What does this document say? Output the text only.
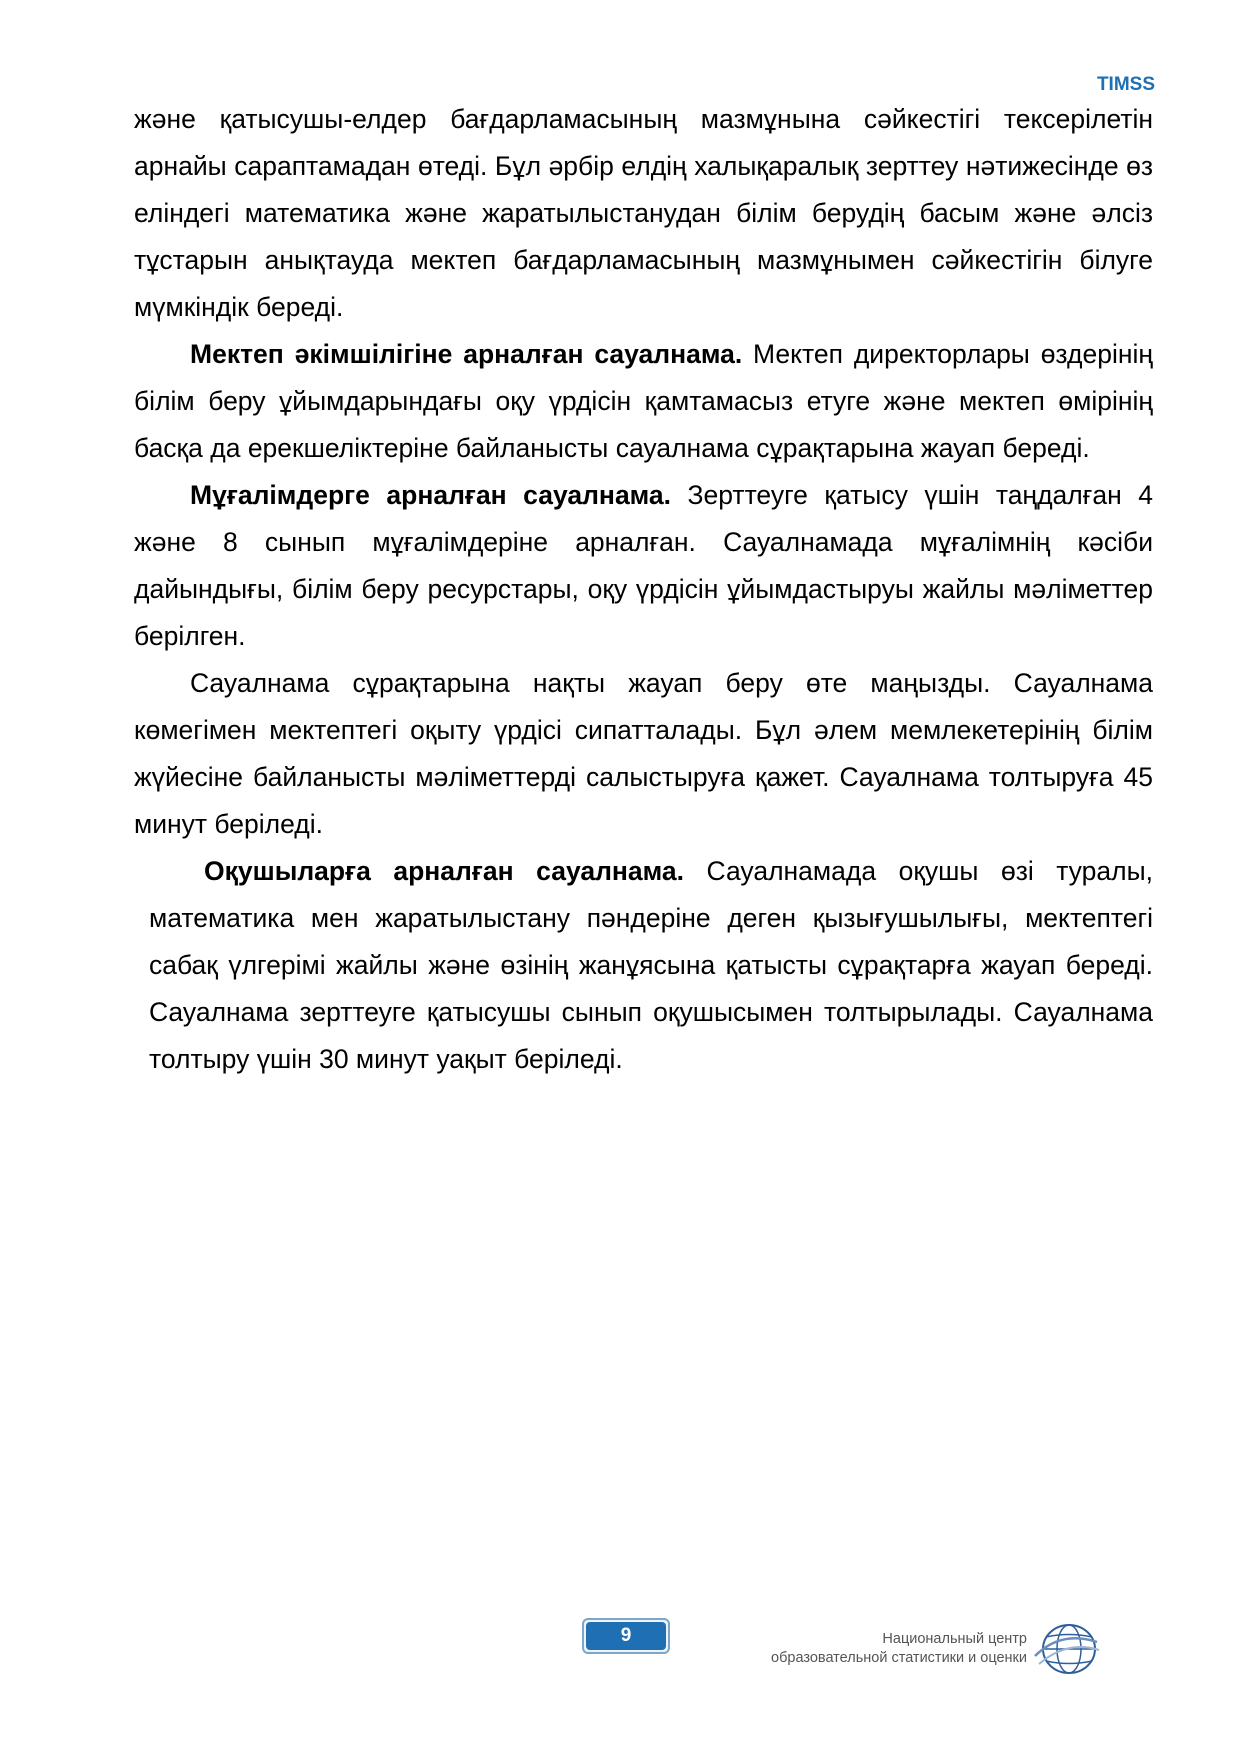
TIMSS

және қатысушы-елдер бағдарламасының мазмұнына сәйкестігі тексерілетін арнайы сараптамадан өтеді. Бұл әрбір елдің халықаралық зерттеу нәтижесінде өз еліндегі математика және жаратылыстанудан білім берудің басым және әлсіз тұстарын анықтауда мектеп бағдарламасының мазмұнымен сәйкестігін білуге мүмкіндік береді.

Мектеп әкімшілігіне арналған сауалнама. Мектеп директорлары өздерінің білім беру ұйымдарындағы оқу үрдісін қамтамасыз етуге және мектеп өмірінің басқа да ерекшеліктеріне байланысты сауалнама сұрақтарына жауап береді.

Мұғалімдерге арналған сауалнама. Зерттеуге қатысу үшін таңдалған 4 және 8 сынып мұғалімдеріне арналған. Сауалнамада мұғалімнің кәсіби дайындығы, білім беру ресурстары, оқу үрдісін ұйымдастыруы жайлы мәліметтер берілген.

Сауалнама сұрақтарына нақты жауап беру өте маңызды. Сауалнама көмегімен мектептегі оқыту үрдісі сипатталады. Бұл әлем мемлекетерінің білім жүйесіне байланысты мәліметтерді салыстыруға қажет. Сауалнама толтыруға 45 минут беріледі.

Оқушыларға арналған сауалнама. Сауалнамада оқушы өзі туралы, математика мен жаратылыстану пәндеріне деген қызығушылығы, мектептегі сабақ үлгерімі жайлы және өзінің жанұясына қатысты сұрақтарға жауап береді. Сауалнама зерттеуге қатысушы сынып оқушысымен толтырылады. Сауалнама толтыру үшін 30 минут уақыт беріледі.

9	Национальный центр
образовательной статистики и оценки
